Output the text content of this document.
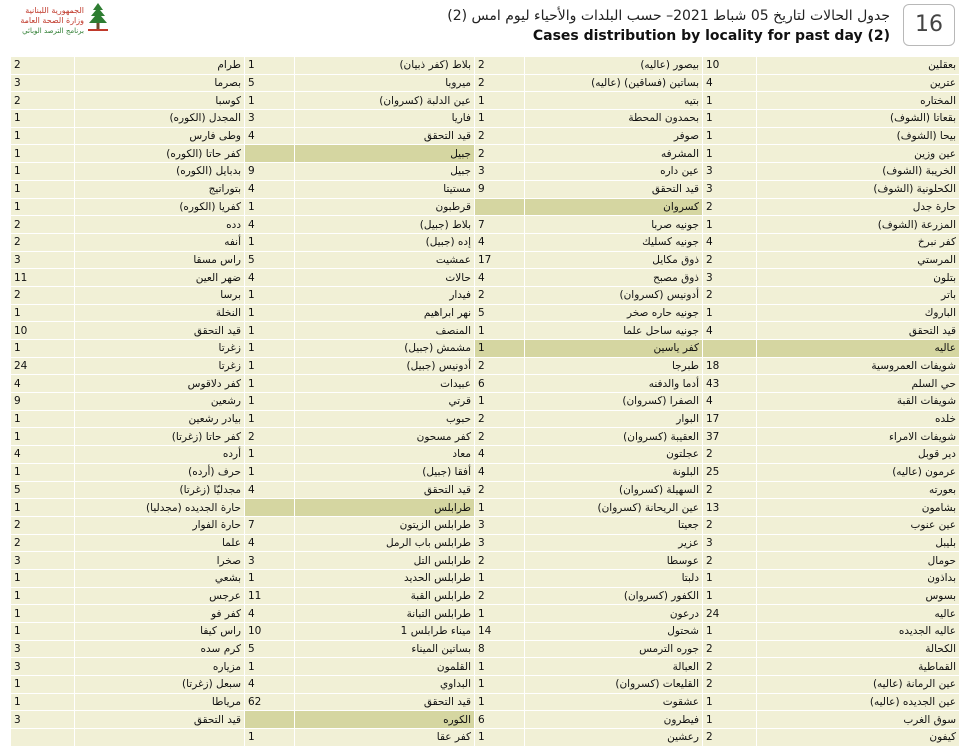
الجمهورية اللبنانية
وزارة الصحة العامة
برنامج الترصد الوبائي
جدول الحالات لتاريخ 05 شباط 2021– حسب البلدات والأحياء ليوم امس (2)
Cases distribution by locality for past day (2)	16
2	طرام	1	بلاط (كفر ذبيان)	2	بيصور (عاليه)	10	بعقلين
3	بصرما	5	ميروبا	2	بساتين (فساقين) (عاليه)	4	عترين
2	كوسبا	1	عين الدلبة (كسروان)	1	بتيه	1	المختاره
1	المجدل (الكوره)	3	فاريا	1	بحمدون المحطة	1	بقعاتا (الشوف)
1	وطى فارس	4	قيد التحقق	2	صوفر	1	بيحا (الشوف)
1	كفر حاتا (الكوره)		جبيل	2	المشرفه	1	عين وزين
1	بدبايل (الكوره)	9	جبيل	3	عين داره	3	الخريبة (الشوف)
1	بتوراتيج	4	مستيتا	9	قيد التحقق	3	الكحلونية (الشوف)
1	كفريا (الكوره)	1	قرطبون		كسروان	2	حارة جدل
2	دده	4	بلاط (جبيل)	7	جونيه صربا	1	المزرعة (الشوف)
2	أنفه	1	إده (جبيل)	4	جونيه كسليك	4	كفر نبرخ
3	راس مسقا	5	عمشيت	17	ذوق مكايل	2	المرستي
11	ضهر العين	4	حالات	4	ذوق مصبح	3	بتلون
2	برسا	1	فيدار	2	أدونيس (كسروان)	2	باتر
1	النخلة	1	نهر ابراهيم	5	جونيه حاره صخر	1	الباروك
10	قيد التحقق	1	المنصف	1	جونيه ساحل علما	4	قيد التحقق
1	زغرتا	1	مشمش (جبيل)	1	كفر ياسين		عاليه
24	زغرتا	1	أدونيس (جبيل)	2	طبرجا	18	شويفات العمروسية
4	كفر دلاقوس	1	عبيدات	6	أدما والدفنه	43	حي السلم
9	رشعين	1	قرتي	1	الصفرا (كسروان)	4	شويفات القبة
1	بيادر رشعين	1	حبوب	2	البوار	17	خلده
1	كفر حاتا (زغرتا)	2	كفر مسحون	2	العقيبة (كسروان)	37	شويفات الامراء
4	أرده	1	معاد	4	عجلتون	2	دير قوبل
1	حرف (أرده)	1	أفقا (جبيل)	4	البلونة	25	عرمون (عاليه)
5	مجدليّا (زغرتا)	4	قيد التحقق	2	السهيلة (كسروان)	2	بعورته
1	حارة الجديده (مجدليا)		طرابلس	1	عين الريحانة (كسروان)	13	بشامون
2	حارة الفوار	7	طرابلس الزيتون	3	جعيتا	2	عين عنوب
2	علما	4	طرابلس باب الرمل	3	عزير	3	بليبل
3	صخرا	3	طرابلس التل	2	عوسطا	2	حومال
1	بشعي	1	طرابلس الحديد	1	دلبتا	1	بداذون
1	عرجس	11	طرابلس القبة	2	الكفور (كسروان)	1	بسوس
1	كفر فو	4	طرابلس التبانة	1	درعون	24	عاليه
1	راس كيفا	10	ميناء طرابلس 1	14	شحتول	1	عاليه الجديده
3	كرم سده	5	بساتين الميناء	8	جوره الترمس	2	الكحالة
3	مزياره	1	القلمون	1	العبالة	2	القماطية
1	سبعل (زغرتا)	4	البداوي	1	القليعات (كسروان)	2	عين الرمانة (عاليه)
1	مرياطا	62	قيد التحقق	1	عشقوت	1	عين الجديده (عاليه)
3	قيد التحقق		الكوره	6	فيطرون	1	سوق الغرب
		1	كفر عقا	1	رعشين	2	كيفون
